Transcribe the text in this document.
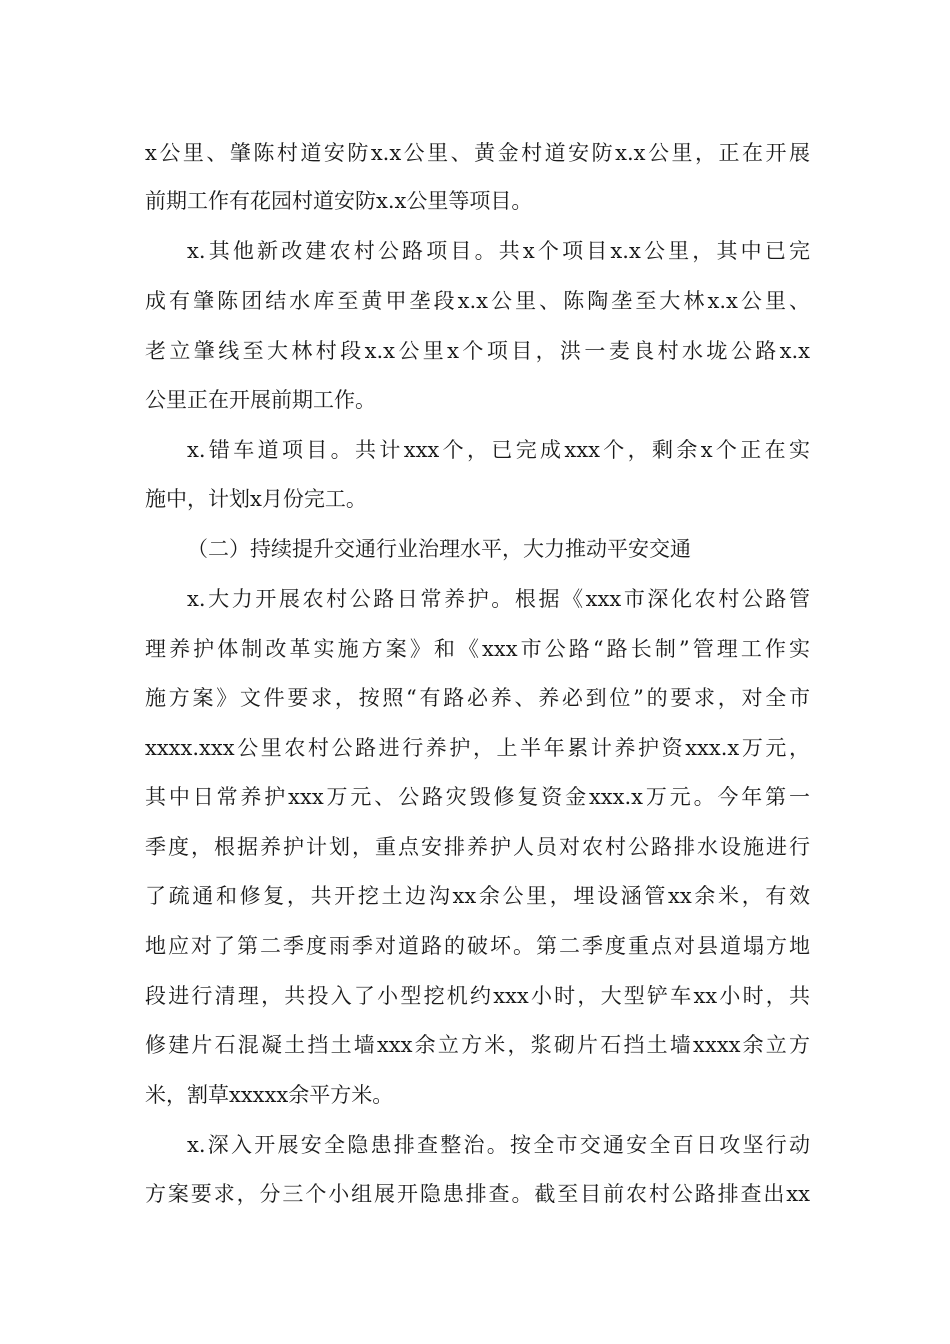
x公里、肇陈村道安防x.x公里、黄金村道安防x.x公里，正在开展
前期工作有花园村道安防x.x公里等项目。
x.其他新改建农村公路项目。共x个项目x.x公里，其中已完
成有肇陈团结水库至黄甲垄段x.x公里、陈陶垄至大林x.x公里、
老立肇线至大林村段x.x公里x个项目，洪一麦良村水垅公路x.x
公里正在开展前期工作。
x.错车道项目。共计xxx个，已完成xxx个，剩余x个正在实
施中，计划x月份完工。
（二）持续提升交通行业治理水平，大力推动平安交通
x.大力开展农村公路日常养护。根据《xxx市深化农村公路管
理养护体制改革实施方案》和《xxx市公路“路长制”管理工作实
施方案》文件要求，按照“有路必养、养必到位”的要求，对全市
xxxx.xxx公里农村公路进行养护，上半年累计养护资xxx.x万元，
其中日常养护xxx万元、公路灾毁修复资金xxx.x万元。今年第一
季度，根据养护计划，重点安排养护人员对农村公路排水设施进行
了疏通和修复，共开挖土边沟xx余公里，埋设涵管xx余米，有效
地应对了第二季度雨季对道路的破坏。第二季度重点对县道塌方地
段进行清理，共投入了小型挖机约xxx小时，大型铲车xx小时，共
修建片石混凝土挡土墙xxx余立方米，浆砌片石挡土墙xxxx余立方
米，割草xxxxx余平方米。
x.深入开展安全隐患排查整治。按全市交通安全百日攻坚行动
方案要求，分三个小组展开隐患排查。截至目前农村公路排查出xx
